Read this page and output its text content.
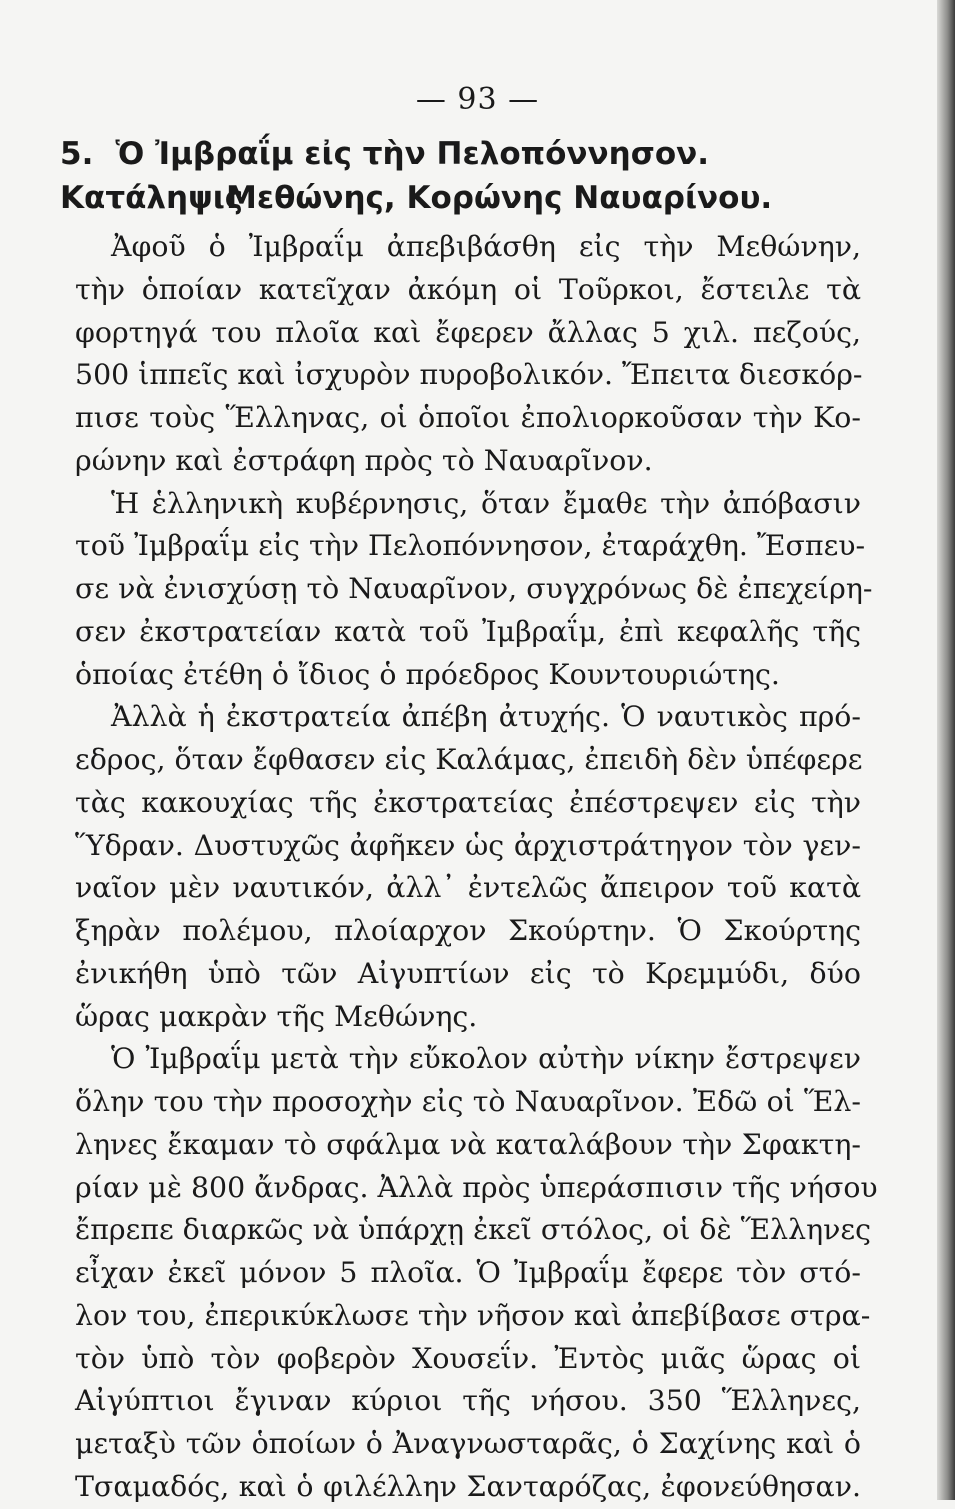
— 93 —
5. Ὁ Ἰμβραΐμ εἰς τὴν Πελοπόννησον. Κατάληψις
Μεθώνης, Κορώνης Ναυαρίνου.
Ἀφοῦ ὁ Ἰμβραΐμ ἀπεβιβάσθη εἰς τὴν Μεθώνην,
τὴν ὁποίαν κατεῖχαν ἀκόμη οἱ Τοῦρκοι, ἔστειλε τὰ
φορτηγά του πλοῖα καὶ ἔφερεν ἄλλας 5 χιλ. πεζούς,
500 ἱππεῖς καὶ ἰσχυρὸν πυροβολικόν. Ἔπειτα διεσκόρ-
πισε τοὺς Ἕλληνας, οἱ ὁποῖοι ἐπολιορκοῦσαν τὴν Κο-
ρώνην καὶ ἐστράφη πρὸς τὸ Ναυαρῖνον.
Ἡ ἑλληνικὴ κυβέρνησις, ὅταν ἔμαθε τὴν ἀπόβασιν
τοῦ Ἰμβραΐμ εἰς τὴν Πελοπόννησον, ἐταράχθη. Ἔσπευ-
σε νὰ ἐνισχύσῃ τὸ Ναυαρῖνον, συγχρόνως δὲ ἐπεχείρη-
σεν ἐκστρατείαν κατὰ τοῦ Ἰμβραΐμ, ἐπὶ κεφαλῆς τῆς
ὁποίας ἐτέθη ὁ ἴδιος ὁ πρόεδρος Κουντουριώτης.
Ἀλλὰ ἡ ἐκστρατεία ἀπέβη ἀτυχής. Ὁ ναυτικὸς πρό-
εδρος, ὅταν ἔφθασεν εἰς Καλάμας, ἐπειδὴ δὲν ὑπέφερε
τὰς κακουχίας τῆς ἐκστρατείας ἐπέστρεψεν εἰς τὴν
Ὕδραν. Δυστυχῶς ἀφῆκεν ὡς ἀρχιστράτηγον τὸν γεν-
ναῖον μὲν ναυτικόν, ἀλλ᾽ ἐντελῶς ἄπειρον τοῦ κατὰ
ξηρὰν πολέμου, πλοίαρχον Σκούρτην. Ὁ Σκούρτης
ἐνικήθη ὑπὸ τῶν Αἰγυπτίων εἰς τὸ Κρεμμύδι, δύο
ὥρας μακρὰν τῆς Μεθώνης.
Ὁ Ἰμβραΐμ μετὰ τὴν εὔκολον αὐτὴν νίκην ἔστρεψεν
ὅλην του τὴν προσοχὴν εἰς τὸ Ναυαρῖνον. Ἐδῶ οἱ Ἕλ-
ληνες ἔκαμαν τὸ σφάλμα νὰ καταλάβουν τὴν Σφακτη-
ρίαν μὲ 800 ἄνδρας. Ἀλλὰ πρὸς ὑπεράσπισιν τῆς νήσου
ἔπρεπε διαρκῶς νὰ ὑπάρχῃ ἐκεῖ στόλος, οἱ δὲ Ἕλληνες
εἶχαν ἐκεῖ μόνον 5 πλοῖα. Ὁ Ἰμβραΐμ ἔφερε τὸν στό-
λον του, ἐπερικύκλωσε τὴν νῆσον καὶ ἀπεβίβασε στρα-
τὸν ὑπὸ τὸν φοβερὸν Χουσεΐν. Ἐντὸς μιᾶς ὥρας οἱ
Αἰγύπτιοι ἔγιναν κύριοι τῆς νήσου. 350 Ἕλληνες,
μεταξὺ τῶν ὁποίων ὁ Ἀναγνωσταρᾶς, ὁ Σαχίνης καὶ ὁ
Τσαμαδός, καὶ ὁ φιλέλλην Σανταρόζας, ἐφονεύθησαν.
